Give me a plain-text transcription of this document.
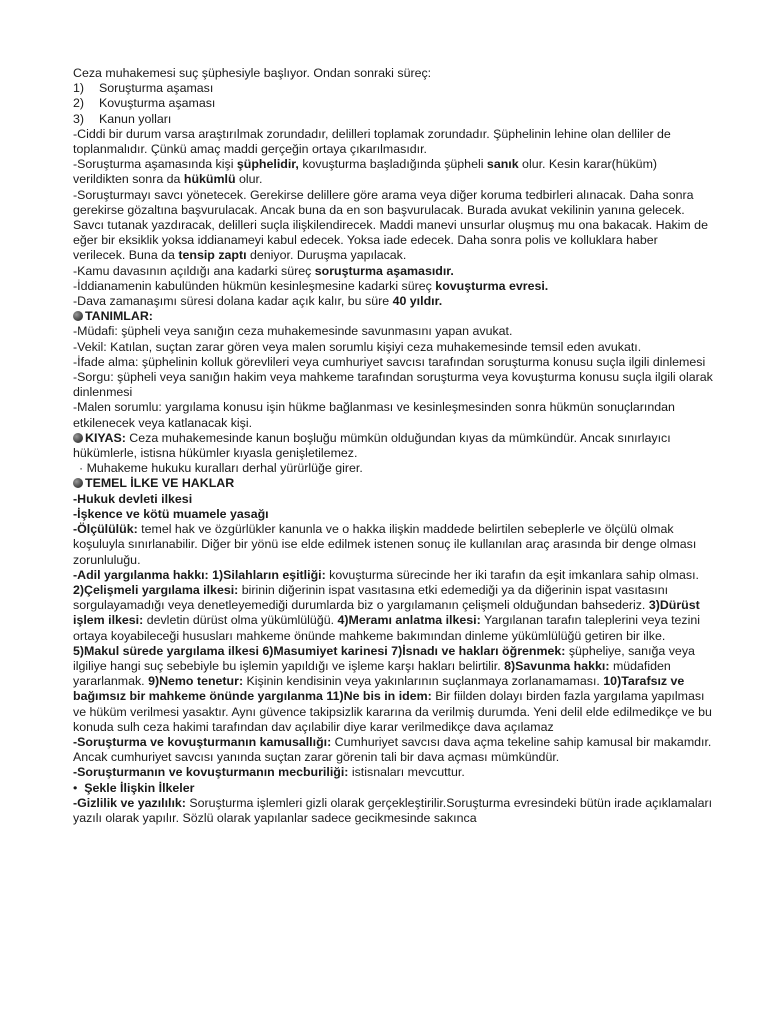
Ceza muhakemesi suç şüphesiyle başlıyor. Ondan sonraki süreç:
1)	Soruşturma aşaması
2)	Kovuşturma aşaması
3)	Kanun yolları
-Ciddi bir durum varsa araştırılmak zorundadır, delilleri toplamak zorundadır. Şüphelinin lehine olan delliler de toplanmalıdır. Çünkü amaç maddi gerçeğin ortaya çıkarılmasıdır.
-Soruşturma aşamasında kişi şüphelidir, kovuşturma başladığında şüpheli sanık olur. Kesin karar(hüküm) verildikten sonra da hükümlü olur.
-Soruşturmayı savcı yönetecek. Gerekirse delillere göre arama veya diğer koruma tedbirleri alınacak. Daha sonra gerekirse gözaltına başvurulacak. Ancak buna da en son başvurulacak. Burada avukat vekilinin yanına gelecek. Savcı tutanak yazdıracak, delilleri suçla ilişkilendirecek. Maddi manevi unsurlar oluşmuş mu ona bakacak. Hakim de eğer bir eksiklik yoksa iddianameyi kabul edecek. Yoksa iade edecek. Daha sonra polis ve kolluklara haber verilecek. Buna da tensip zaptı deniyor. Duruşma yapılacak.
-Kamu davasının açıldığı ana kadarki süreç soruşturma aşamasıdır.
-İddianamenin kabulünden hükmün kesinleşmesine kadarki süreç kovuşturma evresi.
-Dava zamanaşımı süresi dolana kadar açık kalır, bu süre 40 yıldır.
TANIMLAR:
-Müdafi: şüpheli veya sanığın ceza muhakemesinde savunmasını yapan avukat.
-Vekil: Katılan, suçtan zarar gören veya malen sorumlu kişiyi ceza muhakemesinde temsil eden avukatı.
-İfade alma: şüphelinin kolluk görevlileri veya cumhuriyet savcısı tarafından soruşturma konusu suçla ilgili dinlemesi
-Sorgu: şüpheli veya sanığın hakim veya mahkeme tarafından soruşturma veya kovuşturma konusu suçla ilgili olarak dinlenmesi
-Malen sorumlu: yargılama konusu işin hükme bağlanması ve kesinleşmesinden sonra hükmün sonuçlarından etkilenecek veya katlanacak kişi.
KIYAS: Ceza muhakemesinde kanun boşluğu mümkün olduğundan kıyas da mümkündür. Ancak sınırlayıcı hükümlerle, istisna hükümler kıyasla genişletilemez.
· Muhakeme hukuku kuralları derhal yürürlüğe girer.
TEMEL İLKE VE HAKLAR
-Hukuk devleti ilkesi
-İşkence ve kötü muamele yasağı
-Ölçülülük: temel hak ve özgürlükler kanunla ve o hakka ilişkin maddede belirtilen sebeplerle ve ölçülü olmak koşuluyla sınırlanabilir. Diğer bir yönü ise elde edilmek istenen sonuç ile kullanılan araç arasında bir denge olması zorunluluğu.
-Adil yargılanma hakkı: 1)Silahların eşitliği: kovuşturma sürecinde her iki tarafın da eşit imkanlara sahip olması. 2)Çelişmeli yargılama ilkesi: birinin diğerinin ispat vasıtasına etki edemediği ya da diğerinin ispat vasıtasını sorgulayamadığı veya denetleyemediği durumlarda biz o yargılamanın çelişmeli olduğundan bahsederiz. 3)Dürüst işlem ilkesi: devletin dürüst olma yükümlülüğü. 4)Meramı anlatma ilkesi: Yargılanan tarafın taleplerini veya tezini ortaya koyabileceği hususları mahkeme önünde mahkeme bakımından dinleme yükümlülüğü getiren bir ilke. 5)Makul sürede yargılama ilkesi 6)Masumiyet karinesi 7)İsnadı ve hakları öğrenmek: şüpheliye, sanığa veya ilgiliye hangi suç sebebiyle bu işlemin yapıldığı ve işleme karşı hakları belirtilir. 8)Savunma hakkı: müdafiden yararlanmak. 9)Nemo tenetur: Kişinin kendisinin veya yakınlarının suçlanmaya zorlanamaması. 10)Tarafsız ve bağımsız bir mahkeme önünde yargılanma 11)Ne bis in idem: Bir fiilden dolayı birden fazla yargılama yapılması ve hüküm verilmesi yasaktır. Aynı güvence takipsizlik kararına da verilmiş durumda. Yeni delil elde edilmedikçe ve bu konuda sulh ceza hakimi tarafından dav açılabilir diye karar verilmedikçe dava açılamaz
-Soruşturma ve kovuşturmanın kamusallığı: Cumhuriyet savcısı dava açma tekeline sahip kamusal bir makamdır. Ancak cumhuriyet savcısı yanında suçtan zarar görenin tali bir dava açması mümkündür.
-Soruşturmanın ve kovuşturmanın mecburiliği: istisnaları mevcuttur.
• Şekle İlişkin İlkeler
-Gizlilik ve yazılılık: Soruşturma işlemleri gizli olarak gerçekleştirilir.Soruşturma evresindeki bütün irade açıklamaları yazılı olarak yapılır. Sözlü olarak yapılanlar sadece gecikmesinde sakınca
